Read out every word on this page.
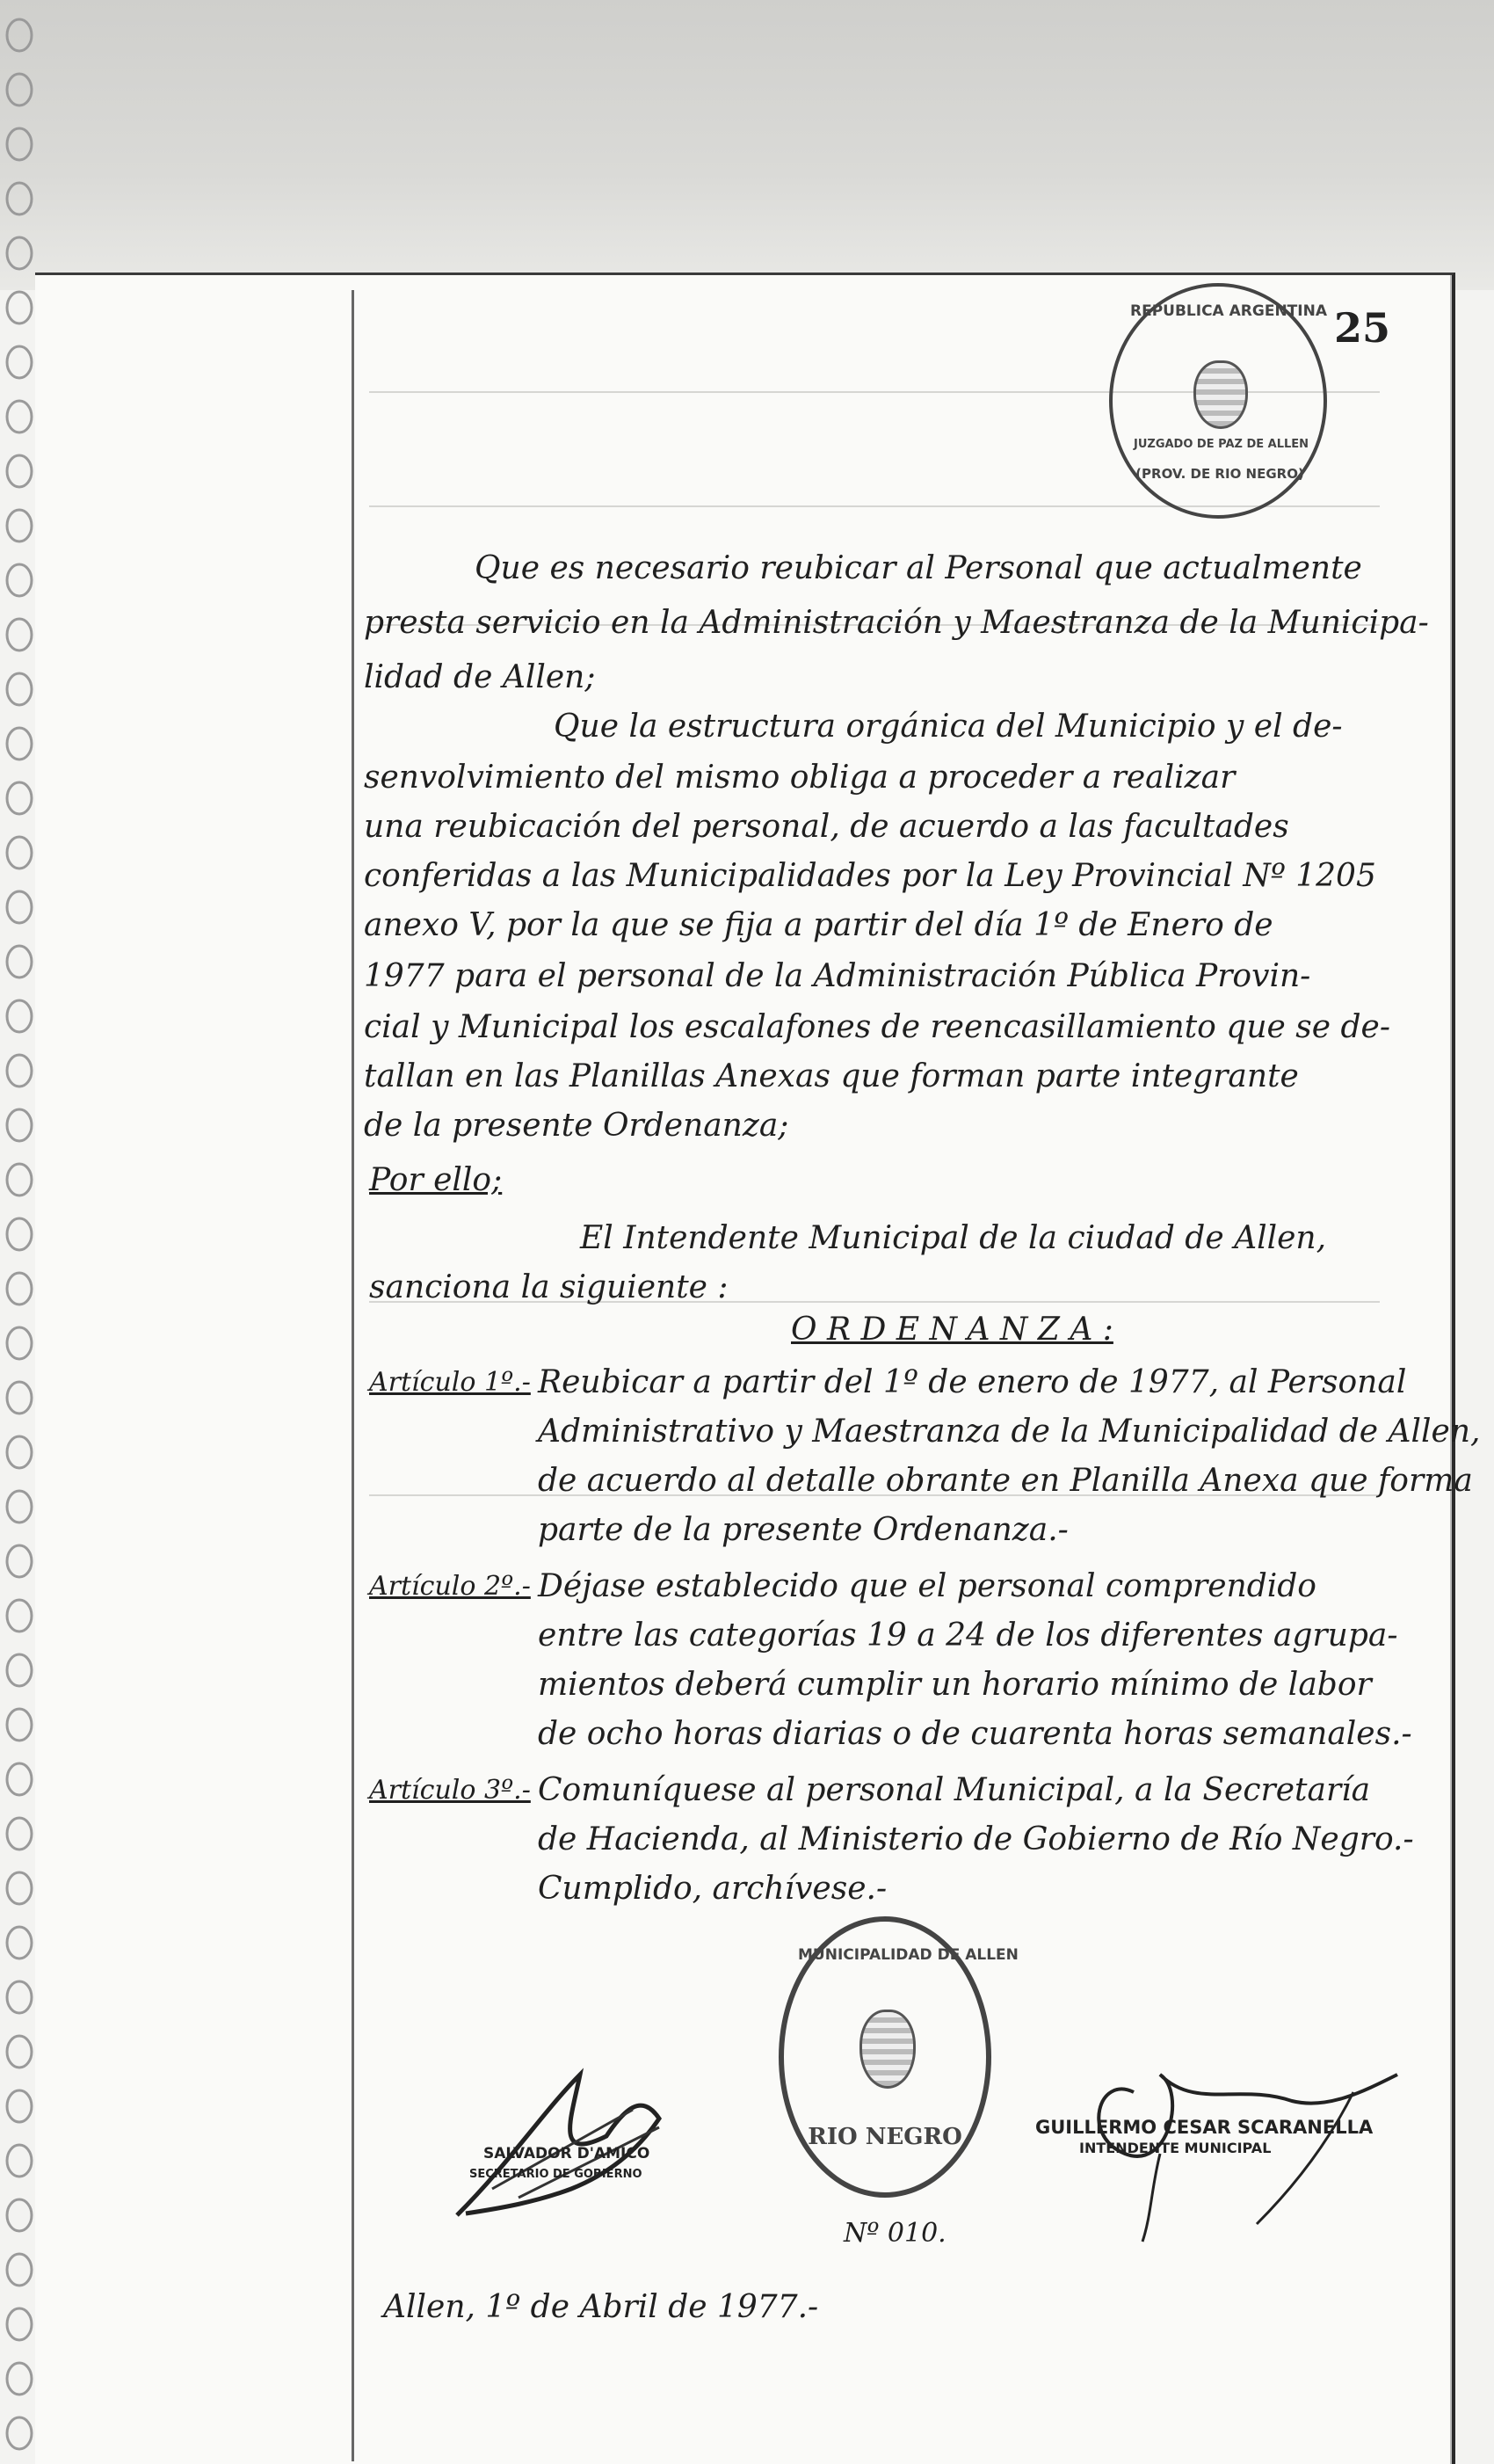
25
REPUBLICA ARGENTINA
JUZGADO DE PAZ DE ALLEN
(PROV. DE RIO NEGRO)
Que es necesario reubicar al Personal que actualmente
presta servicio en la Administración y Maestranza de la Municipa-
lidad de Allen;
Que la estructura orgánica del Municipio y el de-
senvolvimiento del mismo obliga a proceder a realizar
una reubicación del personal, de acuerdo a las facultades
conferidas a las Municipalidades por la Ley Provincial Nº 1205
anexo V, por la que se fija a partir del día 1º de Enero de
1977 para el personal de la Administración Pública Provin-
cial y Municipal los escalafones de reencasillamiento que se de-
tallan en las Planillas Anexas que forman parte integrante
de la presente Ordenanza;
Por ello;
El Intendente Municipal de la ciudad de Allen,
sanciona la siguiente :
O R D E N A N Z A :
Artículo 1º.- Reubicar a partir del 1º de enero de 1977, al Personal
Administrativo y Maestranza de la Municipalidad de Allen,
de acuerdo al detalle obrante en Planilla Anexa que forma
parte de la presente Ordenanza.-
Artículo 2º.- Déjase establecido que el personal comprendido
entre las categorías 19 a 24 de los diferentes agrupa-
mientos deberá cumplir un horario mínimo de labor
de ocho horas diarias o de cuarenta horas semanales.-
Artículo 3º.- Comuníquese al personal Municipal, a la Secretaría
de Hacienda, al Ministerio de Gobierno de Río Negro.-
Cumplido, archívese.-
MUNICIPALIDAD DE ALLEN
RIO NEGRO
SALVADOR D'AMICO
SECRETARIO DE GOBIERNO
GUILLERMO CESAR SCARANELLA
INTENDENTE MUNICIPAL
Nº 010.
Allen, 1º de Abril de 1977.-
